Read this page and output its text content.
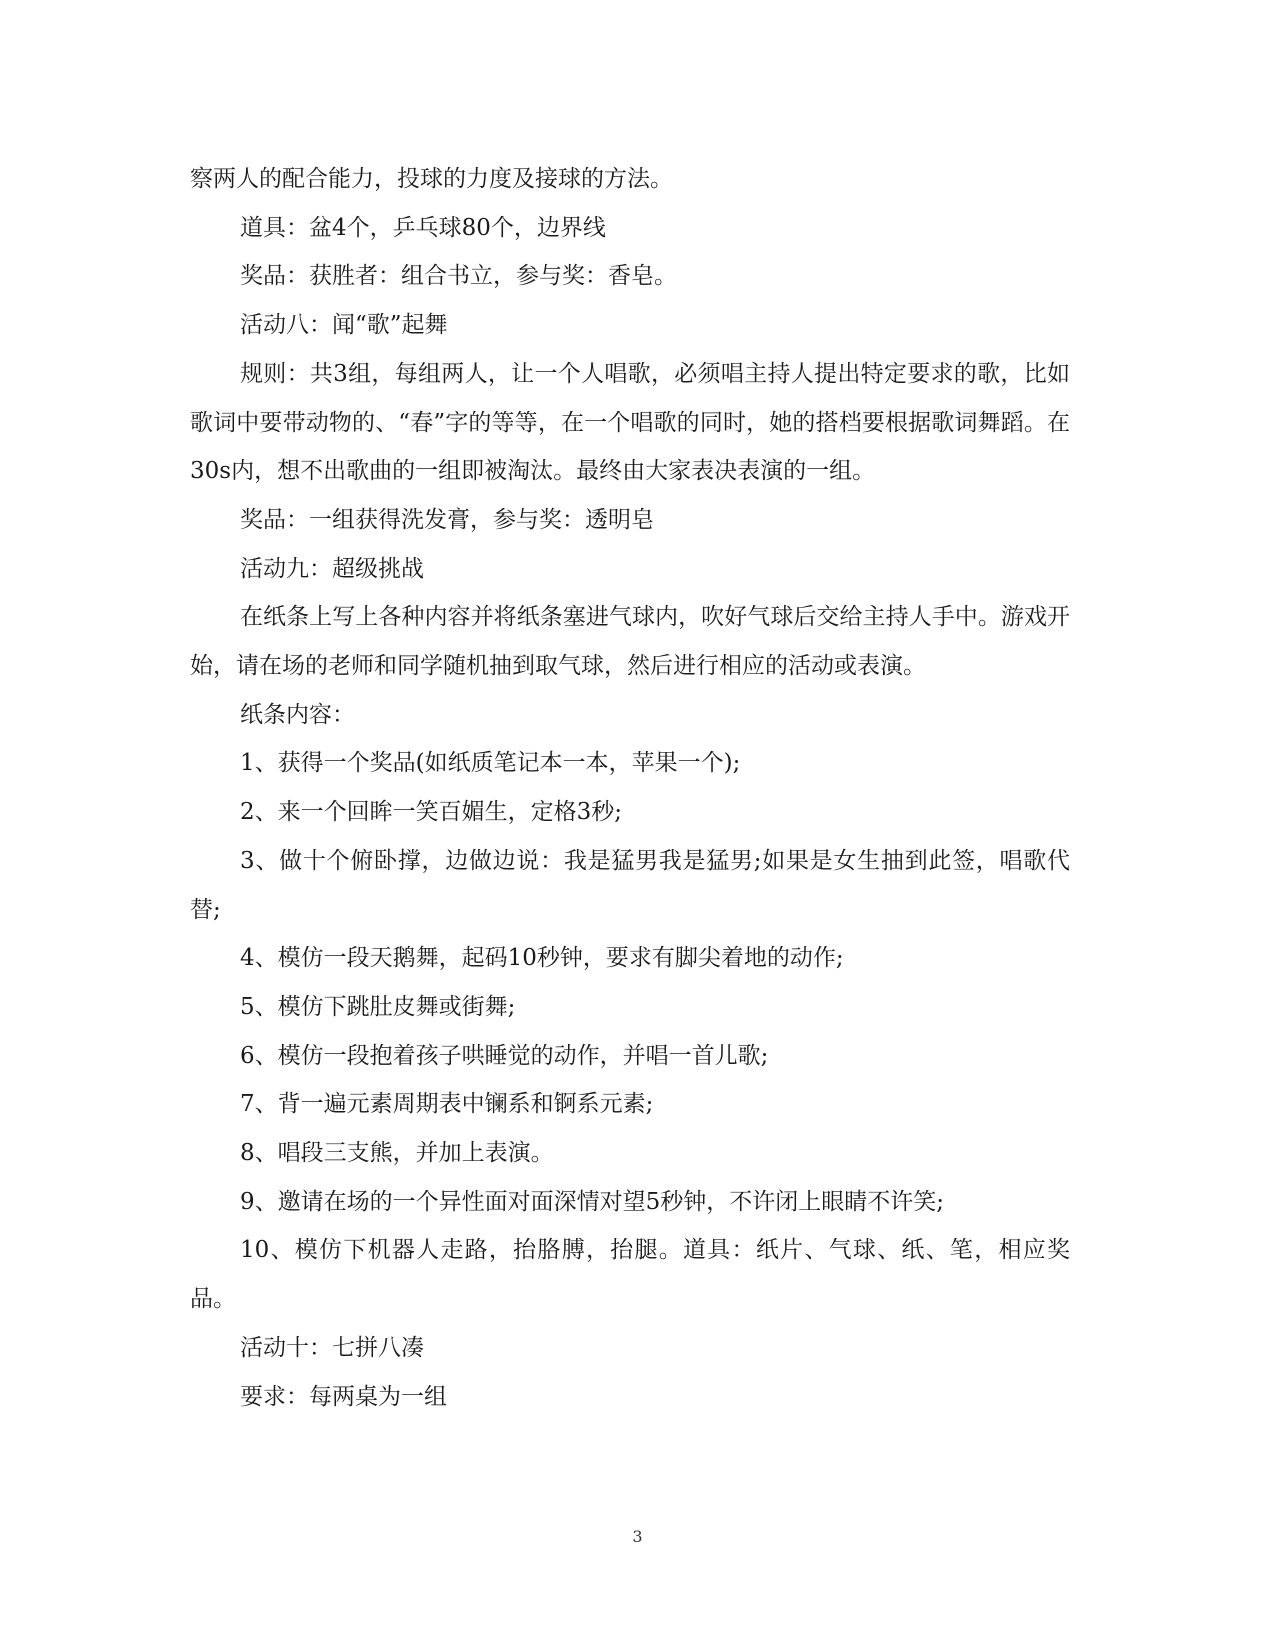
察两人的配合能力，投球的力度及接球的方法。

道具：盆4个，乒乓球80个，边界线

奖品：获胜者：组合书立，参与奖：香皂。

活动八：闻“歌”起舞

规则：共3组，每组两人，让一个人唱歌，必须唱主持人提出特定要求的歌，比如歌词中要带动物的、“春”字的等等，在一个唱歌的同时，她的搭档要根据歌词舞蹈。在30s内，想不出歌曲的一组即被淘汰。最终由大家表决表演的一组。

奖品：一组获得洗发膏，参与奖：透明皂

活动九：超级挑战

在纸条上写上各种内容并将纸条塞进气球内，吹好气球后交给主持人手中。游戏开始，请在场的老师和同学随机抽到取气球，然后进行相应的活动或表演。

纸条内容：

1、获得一个奖品(如纸质笔记本一本，苹果一个);

2、来一个回眸一笑百媚生，定格3秒;

3、做十个俯卧撑，边做边说：我是猛男我是猛男;如果是女生抽到此签，唱歌代替;

4、模仿一段天鹅舞，起码10秒钟，要求有脚尖着地的动作;

5、模仿下跳肚皮舞或街舞;

6、模仿一段抱着孩子哄睡觉的动作，并唱一首儿歌;

7、背一遍元素周期表中镧系和锕系元素;

8、唱段三支熊，并加上表演。

9、邀请在场的一个异性面对面深情对望5秒钟，不许闭上眼睛不许笑;

10、模仿下机器人走路，抬胳膊，抬腿。道具：纸片、气球、纸、笔，相应奖品。

活动十：七拼八凑

要求：每两桌为一组

3
